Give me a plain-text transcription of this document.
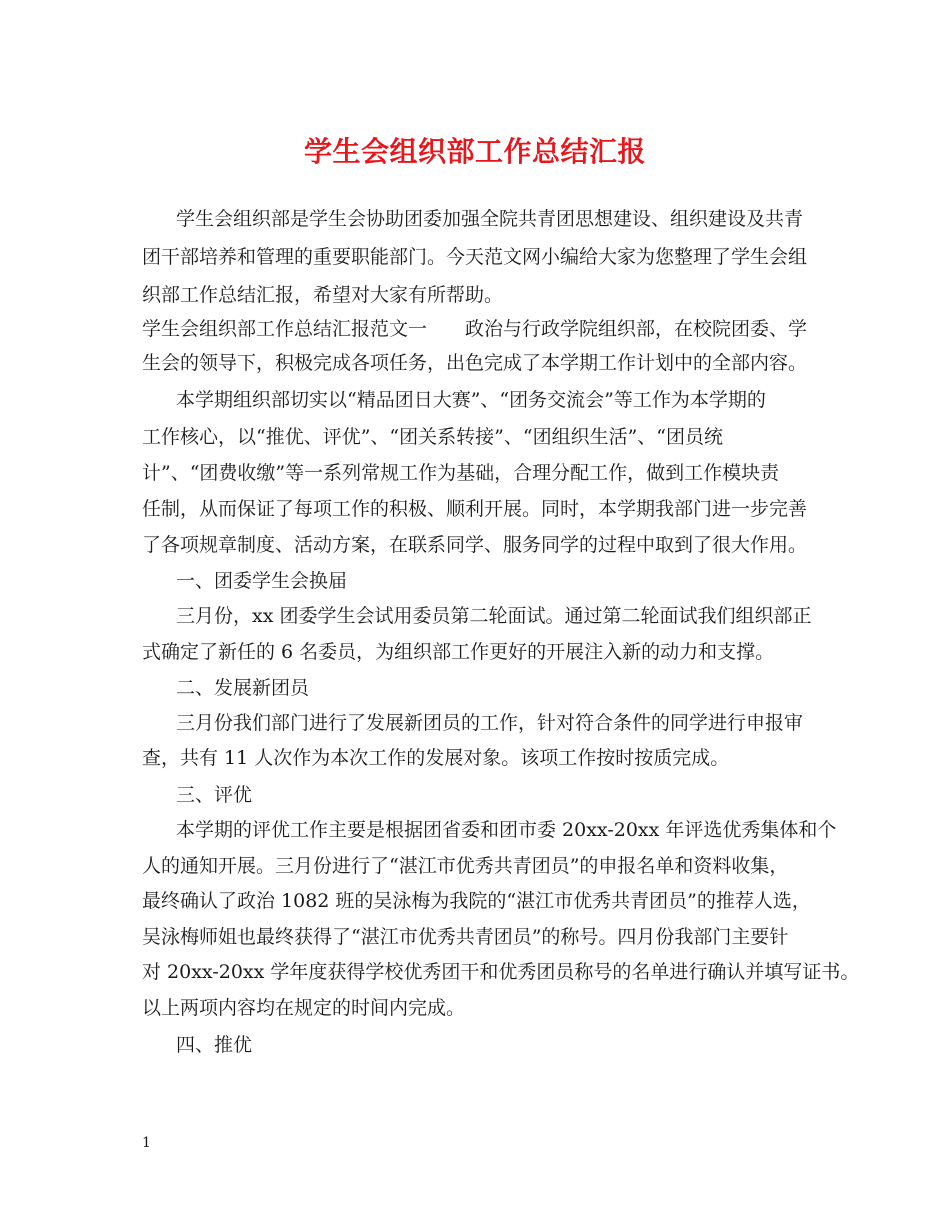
学生会组织部工作总结汇报
学生会组织部是学生会协助团委加强全院共青团思想建设、组织建设及共青
团干部培养和管理的重要职能部门。今天范文网小编给大家为您整理了学生会组
织部工作总结汇报，希望对大家有所帮助。
学生会组织部工作总结汇报范文一　　政治与行政学院组织部，在校院团委、学
生会的领导下，积极完成各项任务，出色完成了本学期工作计划中的全部内容。
本学期组织部切实以“精品团日大赛”、“团务交流会”等工作为本学期的
工作核心，以“推优、评优”、“团关系转接”、“团组织生活”、“团员统
计”、“团费收缴”等一系列常规工作为基础，合理分配工作，做到工作模块责
任制，从而保证了每项工作的积极、顺利开展。同时，本学期我部门进一步完善
了各项规章制度、活动方案，在联系同学、服务同学的过程中取到了很大作用。
一、团委学生会换届
三月份，xx 团委学生会试用委员第二轮面试。通过第二轮面试我们组织部正
式确定了新任的 6 名委员，为组织部工作更好的开展注入新的动力和支撑。
二、发展新团员
三月份我们部门进行了发展新团员的工作，针对符合条件的同学进行申报审
查，共有 11 人次作为本次工作的发展对象。该项工作按时按质完成。
三、评优
本学期的评优工作主要是根据团省委和团市委 20xx-20xx 年评选优秀集体和个
人的通知开展。三月份进行了“湛江市优秀共青团员”的申报名单和资料收集，
最终确认了政治 1082 班的吴泳梅为我院的“湛江市优秀共青团员”的推荐人选，
吴泳梅师姐也最终获得了“湛江市优秀共青团员”的称号。四月份我部门主要针
对 20xx-20xx 学年度获得学校优秀团干和优秀团员称号的名单进行确认并填写证书。
以上两项内容均在规定的时间内完成。
四、推优
1
